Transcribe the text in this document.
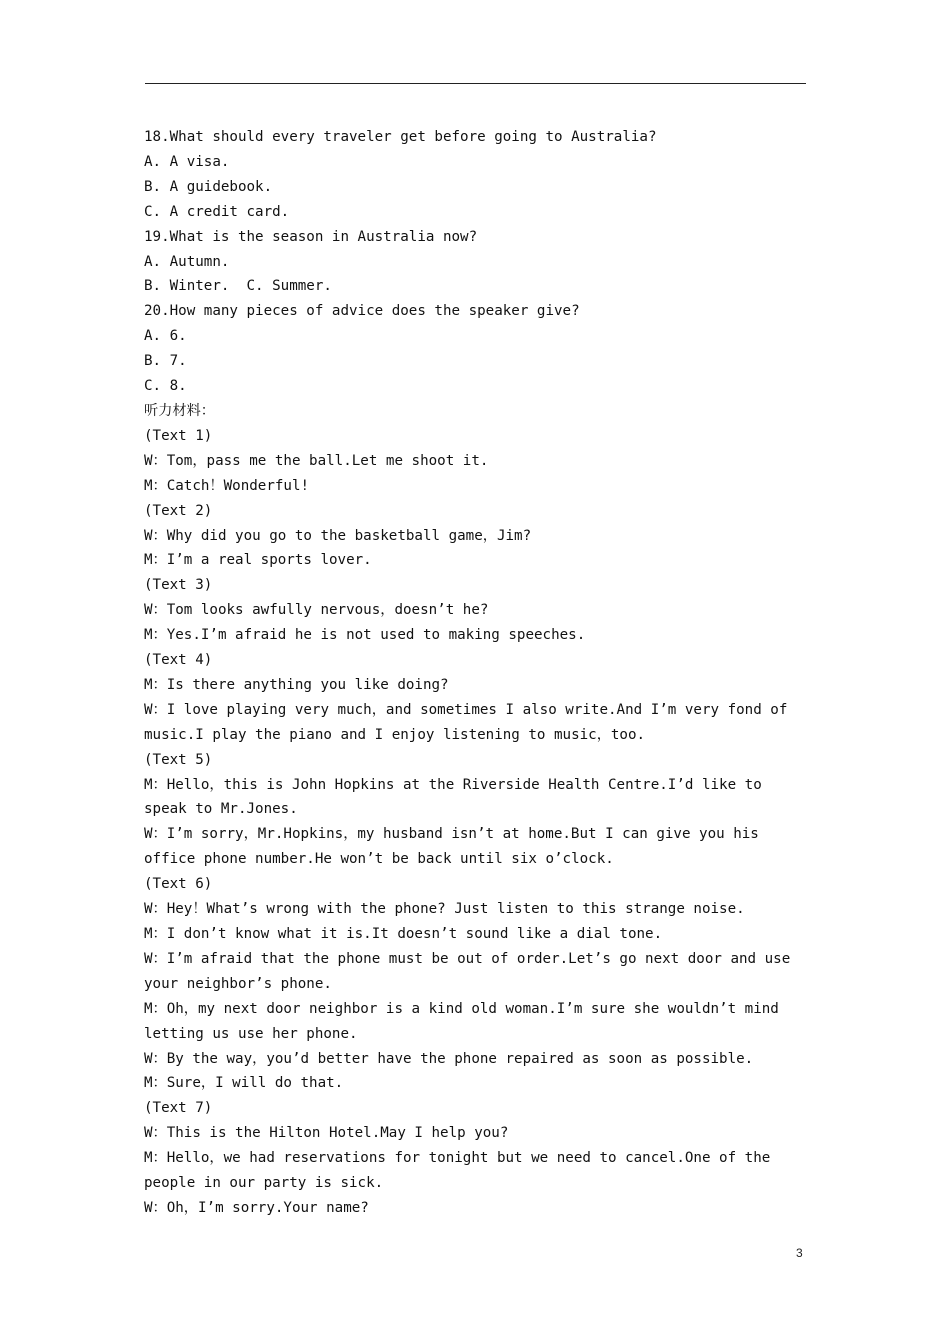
18.What should every traveler get before going to Australia?
A. A visa.
B. A guidebook.
C. A credit card.
19.What is the season in Australia now?
A. Autumn.
B. Winter.  C. Summer.
20.How many pieces of advice does the speaker give?
A. 6.
B. 7.
C. 8.
听力材料：
(Text 1)
W：Tom，pass me the ball.Let me shoot it.
M：Catch！Wonderful!
(Text 2)
W：Why did you go to the basketball game，Jim?
M：I’m a real sports lover.
(Text 3)
W：Tom looks awfully nervous，doesn’t he?
M：Yes.I’m afraid he is not used to making speeches.
(Text 4)
M：Is there anything you like doing?
W：I love playing very much，and sometimes I also write.And I’m very fond of
music.I play the piano and I enjoy listening to music，too.
(Text 5)
M：Hello，this is John Hopkins at the Riverside Health Centre.I’d like to
speak to Mr.Jones.
W：I’m sorry，Mr.Hopkins，my husband isn’t at home.But I can give you his
office phone number.He won’t be back until six o’clock.
(Text 6)
W：Hey！What’s wrong with the phone? Just listen to this strange noise.
M：I don’t know what it is.It doesn’t sound like a dial tone.
W：I’m afraid that the phone must be out of order.Let’s go next door and use
your neighbor’s phone.
M：Oh，my next door neighbor is a kind old woman.I’m sure she wouldn’t mind
letting us use her phone.
W：By the way，you’d better have the phone repaired as soon as possible.
M：Sure，I will do that.
(Text 7)
W：This is the Hilton Hotel.May I help you?
M：Hello，we had reservations for tonight but we need to cancel.One of the
people in our party is sick.
W：Oh，I’m sorry.Your name?
3
